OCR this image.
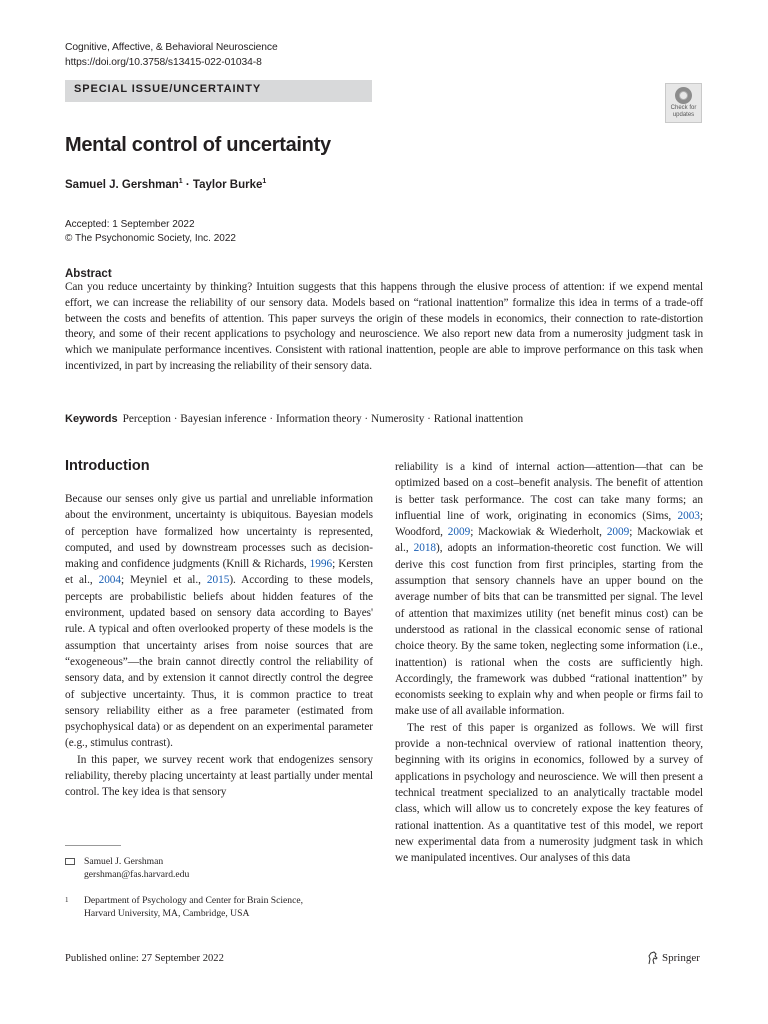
Cognitive, Affective, & Behavioral Neuroscience
https://doi.org/10.3758/s13415-022-01034-8
SPECIAL ISSUE/UNCERTAINTY
Check for
updates
Mental control of uncertainty
Samuel J. Gershman$^1$ · Taylor Burke$^1$
Accepted: 1 September 2022
© The Psychonomic Society, Inc. 2022
Abstract
Can you reduce uncertainty by thinking? Intuition suggests that this happens through the elusive process of attention: if we expend mental effort, we can increase the reliability of our sensory data. Models based on “rational inattention” formalize this idea in terms of a trade-off between the costs and benefits of attention. This paper surveys the origin of these models in economics, their connection to rate-distortion theory, and some of their recent applications to psychology and neuroscience. We also report new data from a numerosity judgment task in which we manipulate performance incentives. Consistent with rational inattention, people are able to improve performance on this task when incentivized, in part by increasing the reliability of their sensory data.
Keywords Perception · Bayesian inference · Information theory · Numerosity · Rational inattention
Introduction

Because our senses only give us partial and unreliable information about the environment, uncertainty is ubiquitous. Bayesian models of perception have formalized how uncertainty is represented, computed, and used by downstream processes such as decision-making and confidence judgments (Knill & Richards, 1996; Kersten et al., 2004; Meyniel et al., 2015). According to these models, percepts are probabilistic beliefs about hidden features of the environment, updated based on sensory data according to Bayes' rule. A typical and often overlooked property of these models is the assumption that uncertainty arises from noise sources that are “exogeneous”—the brain cannot directly control the reliability of sensory data, and by extension it cannot directly control the degree of subjective uncertainty. Thus, it is common practice to treat sensory reliability either as a free parameter (estimated from psychophysical data) or as dependent on an experimental parameter (e.g., stimulus contrast).

In this paper, we survey recent work that endogenizes sensory reliability, thereby placing uncertainty at least partially under mental control. The key idea is that sensory

reliability is a kind of internal action—attention—that can be optimized based on a cost–benefit analysis. The benefit of attention is better task performance. The cost can take many forms; an influential line of work, originating in economics (Sims, 2003; Woodford, 2009; Mackowiak & Wiederholt, 2009; Mackowiak et al., 2018), adopts an information-theoretic cost function. We will derive this cost function from first principles, starting from the assumption that sensory channels have an upper bound on the average number of bits that can be transmitted per signal. The level of attention that maximizes utility (net benefit minus cost) can be understood as rational in the classical economic sense of rational choice theory. By the same token, neglecting some information (i.e., inattention) is rational when the costs are sufficiently high. Accordingly, the framework was dubbed “rational inattention” by economists seeking to explain why and when people or firms fail to make use of all available information.

The rest of this paper is organized as follows. We will first provide a non-technical overview of rational inattention theory, beginning with its origins in economics, followed by a survey of applications in psychology and neuroscience. We will then present a technical treatment specialized to an analytically tractable model class, which will allow us to concretely expose the key features of rational inattention. As a quantitative test of this model, we report new experimental data from a numerosity judgment task in which we manipulated incentives. Our analyses of this data

Samuel J. Gershman
gershman@fas.harvard.edu
1	Department of Psychology and Center for Brain Science,
Harvard University, MA, Cambridge, USA
Published online: 27 September 2022	Springer
